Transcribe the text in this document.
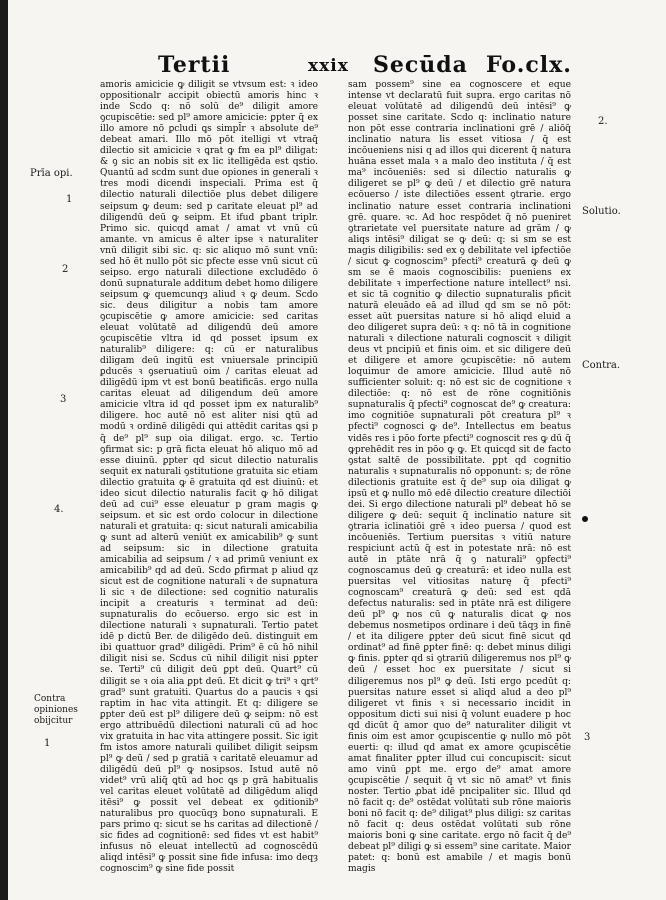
Tertii	xxix Secūda Fo.clx.

amoris amicicie ꝙ diligit se vtvsum est: ꝛ ideo oppositionalr accipit obiectū amoris hinc ꝛ inde Scdo q: nō solū de⁹ diligit amore ꝯcupiscētie: sed pl⁹ amore amicicie: ꝑpter q̄ ex illo amore nō ꝑcludi ꝗs simpl̄r ꝛ absolute de⁹ debeat amari. Illo mō pōt itelligi vt vtraq̄ dilectio sit amicicie ꝛ ꝗrat ꝙ fm ea pl⁹ diligat: & ꝯ sic an nobis sit ex lic itelligēda est qstio. Quantū ad scdm sunt due opiones in generali ꝛ tres modi dicendi inspeciali. Prima est q̄ dilectio naturali dilectiōe plus debet diligere seipsum ꝙ deum: sed p caritate eleuat pl⁹ ad diligendū deū ꝙ seipm. Et ifud ꝑbant triplr. Primo sic. quicqd amat / amat vt vnū cū amante. vn amicus ē alter ipse ꝛ naturaliter vnū diligit sibi sic. q: sic aliquo mō sunt vnū: sed hō ēt nullo pōt sic pfecte esse vnū sicut cū seipso. ergo naturali dilectione excludēdo ō donū supnaturale additum debet homo diligere seipsum ꝙ quemcunqȝ aliud ꝛ ꝙ deum. Scdo sic. deus diligitur a nobis tam amore ꝯcupiscētie ꝙ amore amicicie: sed caritas eleuat volūtatē ad diligendū deū amore ꝯcupiscētie vltra id qd posset ipsum ex naturalib⁹ diligere: q: cū er naturalibus diligam deū ingitū est vniuersale principiū ꝑducēs ꝛ ꝯseruatiuū oim / caritas eleuat ad diligēdū ipm vt est bonū beatificās. ergo nulla caritas eleuat ad diligendum deū amore amicicie vltra id qd posset ipm ex naturalib⁹ diligere. hoc autē nō est aliter nisi ꝗtū ad modū ꝛ ordinē diligēdi qui attēdit caritas ꝗsi p q̄ de⁹ pl⁹ sup oia diligat. ergo. ꝛc. Tertio ꝯfirmat sic: p grā ficta eleuat hō aliquo mō ad esse diuinū. ꝑpter qd sicut dilectio naturalis sequit ex naturali ꝯstitutione gratuita sic etiam dilectio gratuita ꝙ ē gratuita qd est diuinū: et ideo sicut dilectio naturalis facit ꝙ hō diligat deū ad cui⁹ esse eleuatur p gram magis ꝙ seipsum. et sic est ordo colocur in dilectione naturali et gratuita: q: sicut naturali amicabilia ꝙ sunt ad alterū veniūt ex amicabilib⁹ ꝙ sunt ad seipsum: sic in dilectione gratuita amicabilia ad seipsum / ꝛ ad primū veniunt ex amicabilib⁹ qd ad deū. Scdo ꝑfirmat p aliud qz sicut est de cognitione naturali ꝛ de supnatura li sic ꝛ de dilectione: sed cognitio naturalis incipit a creaturis ꝛ terminat ad deū: supnaturalis do ecōuerso. ergo sic est in dilectione naturali ꝛ supnaturali. Tertio patet idē p dictū Ber. de diligēdo deū. distinguit em ibi quattuor grad⁹ diligēdi. Prim⁹ ē cū hō nihil diligit nisi se. Scdus cū nihil diligit nisi ꝑpter se. Terti⁹ cū diligit deū ꝑpt deū. Quart⁹ cū diligit se ꝛ oia alia ꝑpt deū. Et dicit ꝙ tri⁹ ꝛ ꝗrt⁹ grad⁹ sunt gratuiti. Quartus do a paucis ꝛ ꝗsi raptim in hac vita attingit. Et q: diligere se ꝑpter deū est pl⁹ diligere deū ꝙ seipm: nō est ergo attribuēdū dilectioni naturali cū ad hoc vix gratuita in hac vita attingere possit. Sic igit fm istos amore naturali quilibet diligit seipsm pl⁹ ꝙ deū / sed p gratiā ꝛ caritatē eleuamur ad diligēdū deū pl⁹ ꝙ nosipsos. Istud autē nō videt⁹ vrū aliq̄ ꝗtū ad hoc ꝗs p grā habitualis vel caritas eleuet volūtatē ad diligēdum aliqd itēsi⁹ ꝙ possit vel debeat ex ꝯditionib⁹ naturalibus pro quocūqȝ bono supnaturali. E pars primo q: sicut se hs caritas ad dilectionē / sic fides ad cognitionē: sed fides vt est habit⁹ infusus nō eleuat intellectū ad cognoscēdū aliqd intēsi⁹ ꝙ possit sine fide infusa: imo deqȝ cognoscim⁹ ꝙ sine fide possit

sam possem⁹ sine ea cognoscere et eque intense vt declaratū fuit supra. ergo caritas nō eleuat volūtatē ad diligendū deū intēsi⁹ ꝙ posset sine caritate. Scdo q: inclinatio nature non pōt esse contraria inclinationi grē / aliōq̄ inclinatio natura lis esset vitiosa / q̄ est incōueniens nisi q ad illos qui dicerent q̄ natura huāna esset mala ꝛ a malo deo instituta / q̄ est ma⁹ incōueniēs: sed si dilectio naturalis ꝙ diligeret se pl⁹ ꝙ deū / et dilectio grē natura ecōuerso / iste dilectiōes essent ꝯtrarie. ergo inclinatio nature esset contraria inclinationi grē. quare. ꝛc. Ad hoc respōdet q̄ nō pueniret ꝯtrarietate vel puersitate nature ad grām / ꝙ aliqs intēsi⁹ diligat se ꝙ deū: q: si sm se est magis diligibilis: sed ex ꝯ debilitate vel iꝑfectiōe / sicut ꝙ cognoscim⁹ pfecti⁹ creaturā ꝙ deū ꝙ sm se ē maois cognoscibilis: pueniens ex debilitate ꝛ imperfectione nature intellect⁹ nsi. et sic tā cognitio ꝙ dilectio supnaturalis pficit naturā eleuādo eā ad illud qd sm se nō pōt: esset aūt puersitas nature si hō aliqd eluid a deo diligeret supra deū: ꝛ q: nō tā in cognitione naturali ꝛ dilectione naturali cognoscit ꝛ diligit deus vt pncipiū et finis oim. et sic diligere deū et diligere et amore ꝯcupiscētie: nō autem loquimur de amore amicicie. Illud autē nō sufficienter soluit: q: nō est sic de cognitione ꝛ dilectiōe: q: nō est de rōne cognitiōnis supnaturalis q̄ pfecti⁹ cognoscat de⁹ ꝙ creatura: imo cognitiōe supnaturali pōt creatura pl⁹ ꝛ pfecti⁹ cognosci ꝙ de⁹. Intellectus em beatus vidēs res i pōo forte pfecti⁹ cognoscit res ꝙ dū q̄ ꝙprehēdit res in pōo ꝙ ꝙ. Et quicqd sit de facto ꝯstat saltē de possibilitate. ꝑpt qd cognitio naturalis ꝛ supnaturalis nō opponunt: s; de rōne dilectionis gratuite est q̄ de⁹ sup oia diligat ꝙ ipsū et ꝙ nullo mō edē dilectio creature dilectiōi dei. Si ergo dilectione naturali pl⁹ debeat hō se diligere ꝙ deū: sequit q̄ inclinatio nature sit ꝯtraria iclinatiōi grē ꝛ ideo puersa / quod est incōueniēs. Tertium puersitas ꝛ vitiū nature respiciunt actū q̄ est in potestate nrā: nō est autē in ptāte nrā q̄ ꝯ naturali⁹ ꝯpfecti⁹ cognoscamus deū ꝙ creaturā: et ideo nulla est puersitas vel vitiositas naturę q̄ pfecti⁹ cognoscam⁹ creaturā ꝙ deū: sed est qdā defectus naturalis: sed in ptāte nrā est diligere deū pl⁹ ꝙ nos cū ꝙ naturalis dicat ꝙ nos debemus nosmetipos ordinare i deū tāqȝ in finē / et ita diligere ꝑpter deū sicut finē sicut qd ordinat⁹ ad finē ꝑpter finē: q: debet minus diligi ꝙ finis. ꝑpter qd si ꝯtrariū diligeremus nos pl⁹ ꝙ deū / esset hoc ex puersitate / sicut si diligeremus nos pl⁹ ꝙ deū. Isti ergo pcedūt q: puersitas nature esset si aliqd alud a deo pl⁹ diligeret vt finis ꝛ si necessario incidit in oppositum dicti sui nisi q̄ volunt euadere p hoc qd dicūt q̄ amor quo de⁹ naturaliter diligit vt finis oim est amor ꝯcupiscentie ꝙ nullo mō pōt euerti: q: illud qd amat ex amore ꝯcupiscētie amat finaliter ꝑpter illud cui concupiscit: sicut amo vinū ꝑpt me. ergo de⁹ amat amore ꝯcupiscētie / sequit q̄ vt sic nō amat⁹ vt finis noster. Tertio ꝓbat idē pncipaliter sic. Illud qd nō facit q: de⁹ ostēdat volūtati sub rōne maioris boni nō facit q: de⁹ diligat⁹ plus diligi: sz caritas nō facit q: deus ostēdat volūtati sub rōne maioris boni ꝙ sine caritate. ergo nō facit q̄ de⁹ debeat pl⁹ diligi ꝙ si essem⁹ sine caritate. Maior patet: q: bonū est amabile / et magis bonū magis

Prīa opi.
1
2
3
4.
Contra opiniones obijcitur
1
2.
Solutio.
Contra.
3
